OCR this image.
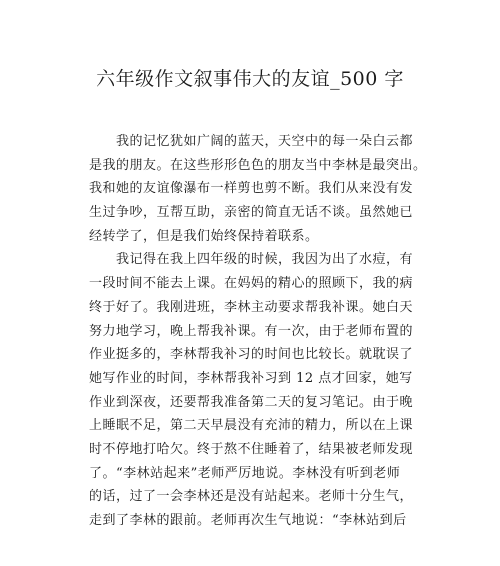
六年级作文叙事伟大的友谊_500 字
我的记忆犹如广阔的蓝天，天空中的每一朵白云都
是我的朋友。在这些形形色色的朋友当中李林是最突出。
我和她的友谊像瀑布一样剪也剪不断。我们从来没有发
生过争吵，互帮互助，亲密的简直无话不谈。虽然她已
经转学了，但是我们始终保持着联系。
我记得在我上四年级的时候，我因为出了水痘，有
一段时间不能去上课。在妈妈的精心的照顾下，我的病
终于好了。我刚进班，李林主动要求帮我补课。她白天
努力地学习，晚上帮我补课。有一次，由于老师布置的
作业挺多的，李林帮我补习的时间也比较长。就耽误了
她写作业的时间，李林帮我补习到 12 点才回家，她写
作业到深夜，还要帮我准备第二天的复习笔记。由于晚
上睡眠不足，第二天早晨没有充沛的精力，所以在上课
时不停地打哈欠。终于熬不住睡着了，结果被老师发现
了。“李林站起来”老师严厉地说。李林没有听到老师
的话，过了一会李林还是没有站起来。老师十分生气，
走到了李林的跟前。老师再次生气地说：“李林站到后
